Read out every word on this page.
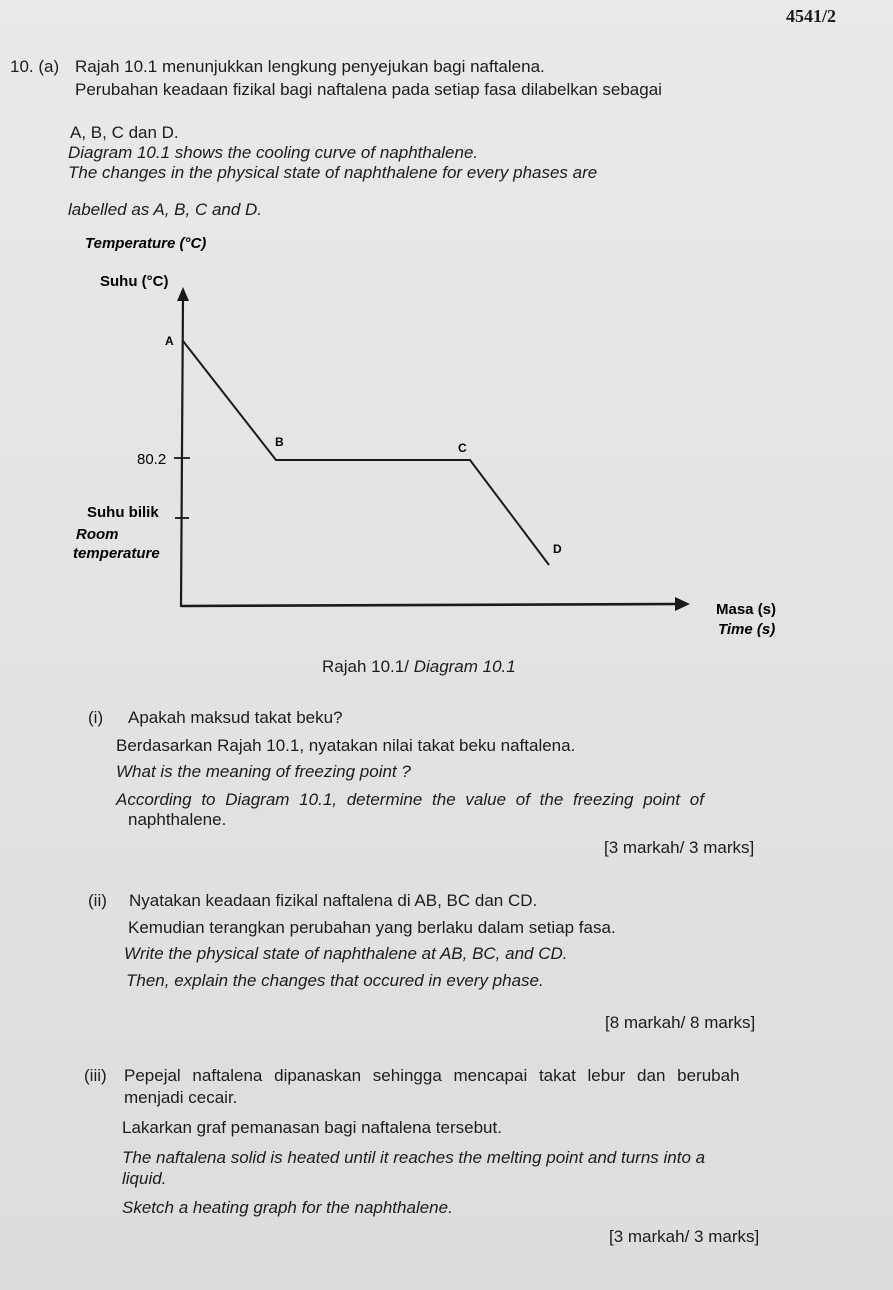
4541/2
10. (a) Rajah 10.1 menunjukkan lengkung penyejukan bagi naftalena.
Perubahan keadaan fizikal bagi naftalena pada setiap fasa dilabelkan sebagai
A, B, C dan D.
Diagram 10.1 shows the cooling curve of naphthalene.
The changes in the physical state of naphthalene for every phases are
labelled as A, B, C and D.
Temperature (°C)
Suhu (°C)
80.2
Suhu bilik
Room
temperature
A
B	C
D
Masa (s)
Time (s)
Rajah 10.1/ Diagram 10.1
(i) Apakah maksud takat beku?
Berdasarkan Rajah 10.1, nyatakan nilai takat beku naftalena.
What is the meaning of freezing point ?
According to Diagram 10.1, determine the value of the freezing point of
naphthalene.
[3 markah/ 3 marks]
(ii) Nyatakan keadaan fizikal naftalena di AB, BC dan CD.
Kemudian terangkan perubahan yang berlaku dalam setiap fasa.
Write the physical state of naphthalene at AB, BC, and CD.
Then, explain the changes that occured in every phase.
[8 markah/ 8 marks]
(iii) Pepejal naftalena dipanaskan sehingga mencapai takat lebur dan berubah
menjadi cecair.
Lakarkan graf pemanasan bagi naftalena tersebut.
The naftalena solid is heated until it reaches the melting point and turns into a
liquid.
Sketch a heating graph for the naphthalene.
[3 markah/ 3 marks]
